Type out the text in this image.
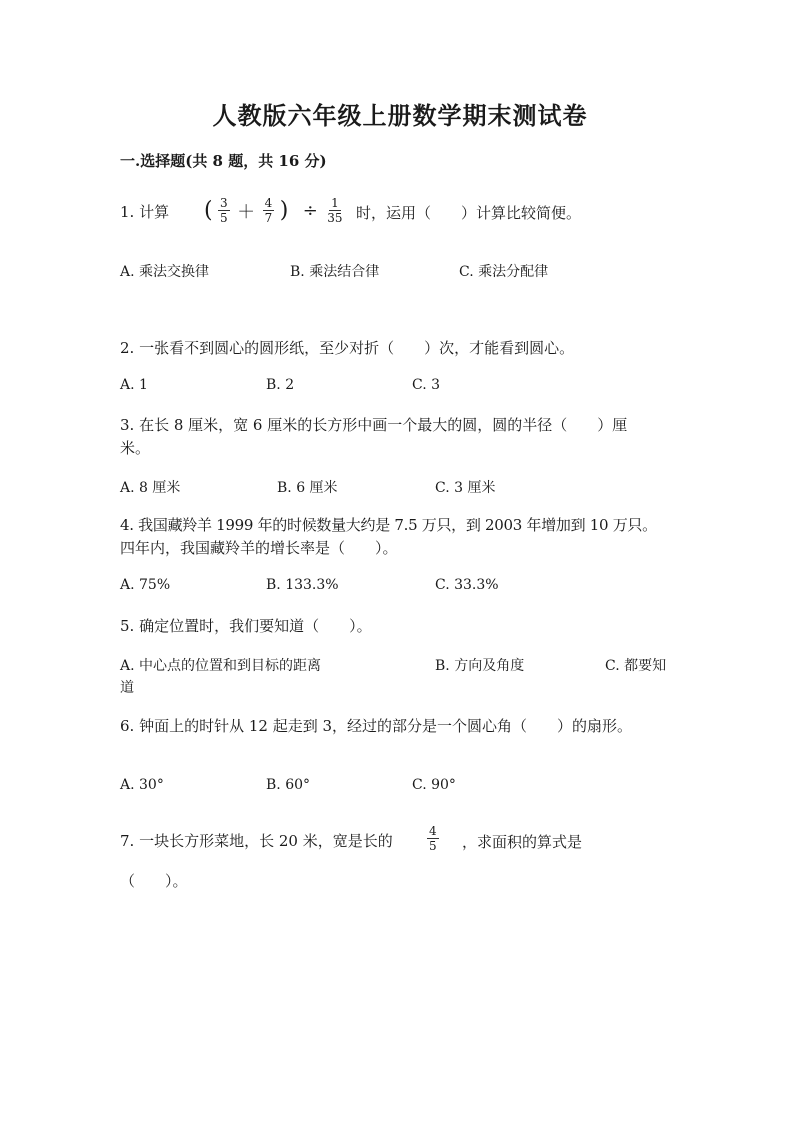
人教版六年级上册数学期末测试卷
一.选择题(共 8 题，共 16 分)
1. 计算	( $\frac{3}{5} + \frac{4}{7}$ ) ÷ $\frac{1}{35}$ 时，运用（　　）计算比较简便。
A. 乘法交换律	B. 乘法结合律	C. 乘法分配律
2. 一张看不到圆心的圆形纸，至少对折（　　）次，才能看到圆心。
A. 1	B. 2	C. 3
3. 在长 8 厘米，宽 6 厘米的长方形中画一个最大的圆，圆的半径（　　）厘
米。
A. 8 厘米	B. 6 厘米	C. 3 厘米
4. 我国藏羚羊 1999 年的时候数量大约是 7.5 万只，到 2003 年增加到 10 万只。
四年内，我国藏羚羊的增长率是（　　）。
A. 75%	B. 133.3%	C. 33.3%
5. 确定位置时，我们要知道（　　）。
A. 中心点的位置和到目标的距离	B. 方向及角度	C. 都要知
道
6. 钟面上的时针从 12 起走到 3，经过的部分是一个圆心角（　　）的扇形。
A. 30°	B. 60°	C. 90°
7. 一块长方形菜地，长 20 米，宽是长的	$\frac{4}{5}$ ，求面积的算式是
（　　）。
